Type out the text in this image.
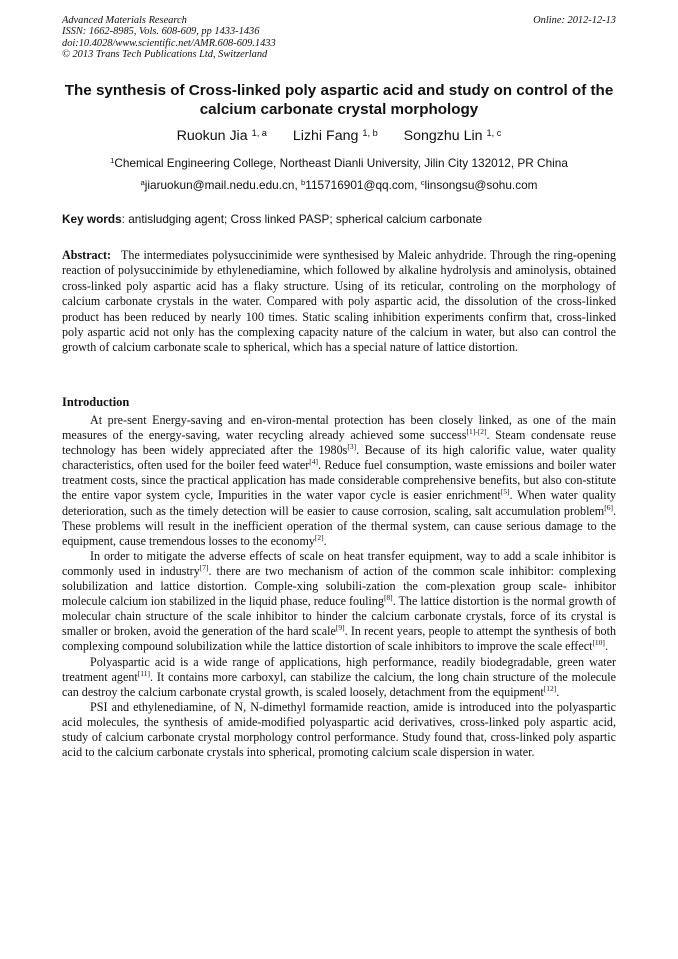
Advanced Materials Research
ISSN: 1662-8985, Vols. 608-609, pp 1433-1436
doi:10.4028/www.scientific.net/AMR.608-609.1433
© 2013 Trans Tech Publications Ltd, Switzerland
Online: 2012-12-13
The synthesis of Cross-linked poly aspartic acid and study on control of the calcium carbonate crystal morphology
Ruokun Jia $^{1, a}$ Lizhi Fang $^{1, b}$ Songzhu Lin $^{1, c}$
$^1$Chemical Engineering College, Northeast Dianli University, Jilin City 132012, PR China
$^a$jiaruokun@mail.nedu.edu.cn, $^b$115716901@qq.com, $^c$linsongsu@sohu.com
Key words: antisludging agent; Cross linked PASP; spherical calcium carbonate
Abstract: The intermediates polysuccinimide were synthesised by Maleic anhydride. Through the ring-opening reaction of polysuccinimide by ethylenediamine, which followed by alkaline hydrolysis and aminolysis, obtained cross-linked poly aspartic acid has a flaky structure. Using of its reticular, controling on the morphology of calcium carbonate crystals in the water. Compared with poly aspartic acid, the dissolution of the cross-linked product has been reduced by nearly 100 times. Static scaling inhibition experiments confirm that, cross-linked poly aspartic acid not only has the complexing capacity nature of the calcium in water, but also can control the growth of calcium carbonate scale to spherical, which has a special nature of lattice distortion.
Introduction

At pre-sent Energy-saving and en-viron-mental protection has been closely linked, as one of the main measures of the energy-saving, water recycling already achieved some success[1]-[2]. Steam condensate reuse technology has been widely appreciated after the 1980s[3]. Because of its high calorific value, water quality characteristics, often used for the boiler feed water[4]. Reduce fuel consumption, waste emissions and boiler water treatment costs, since the practical application has made considerable comprehensive benefits, but also con-stitute the entire vapor system cycle, Impurities in the water vapor cycle is easier enrichment[5]. When water quality deterioration, such as the timely detection will be easier to cause corrosion, scaling, salt accumulation problem[6]. These problems will result in the inefficient operation of the thermal system, can cause serious damage to the equipment, cause tremendous losses to the economy[2].

In order to mitigate the adverse effects of scale on heat transfer equipment, way to add a scale inhibitor is commonly used in industry[7]. there are two mechanism of action of the common scale inhibitor: complexing solubilization and lattice distortion. Comple-xing solubili-zation the com-plexation group scale- inhibitor molecule calcium ion stabilized in the liquid phase, reduce fouling[8]. The lattice distortion is the normal growth of molecular chain structure of the scale inhibitor to hinder the calcium carbonate crystals, force of its crystal is smaller or broken, avoid the generation of the hard scale[9]. In recent years, people to attempt the synthesis of both complexing compound solubilization while the lattice distortion of scale inhibitors to improve the scale effect[10].

Polyaspartic acid is a wide range of applications, high performance, readily biodegradable, green water treatment agent[11]. It contains more carboxyl, can stabilize the calcium, the long chain structure of the molecule can destroy the calcium carbonate crystal growth, is scaled loosely, detachment from the equipment[12].

PSI and ethylenediamine, of N, N-dimethyl formamide reaction, amide is introduced into the polyaspartic acid molecules, the synthesis of amide-modified polyaspartic acid derivatives, cross-linked poly aspartic acid, study of calcium carbonate crystal morphology control performance. Study found that, cross-linked poly aspartic acid to the calcium carbonate crystals into spherical, promoting calcium scale dispersion in water.
